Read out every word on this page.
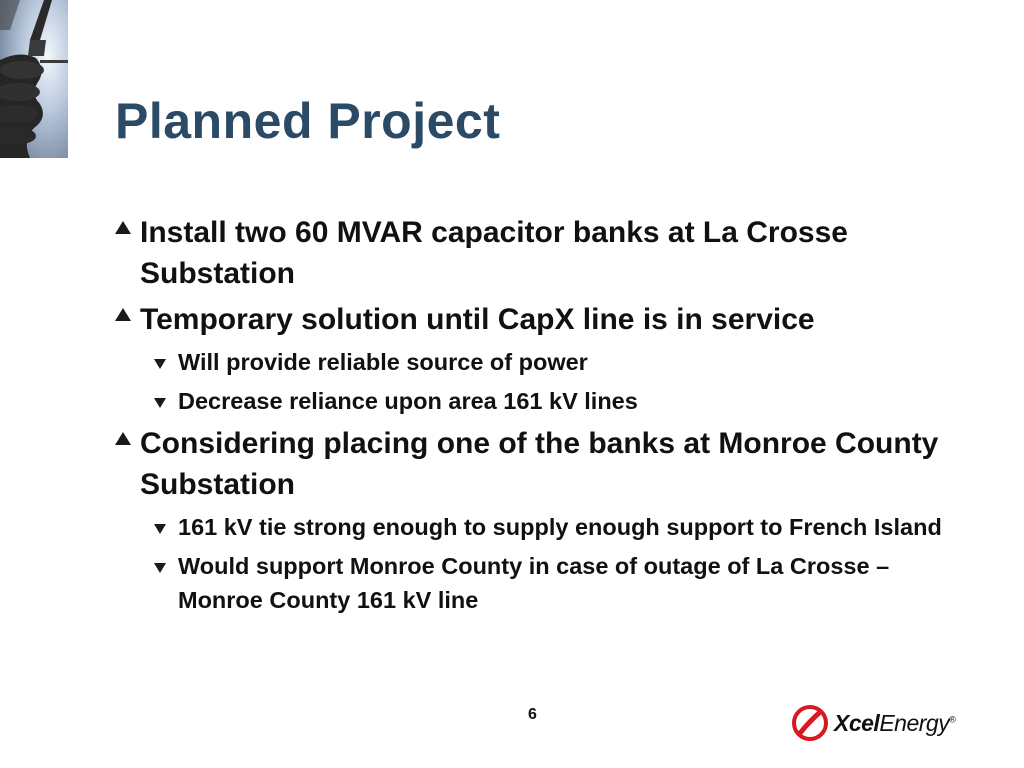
Planned Project
Install two 60 MVAR capacitor banks at La Crosse Substation
Temporary solution until CapX line is in service
Will provide reliable source of power
Decrease reliance upon area 161 kV lines
Considering placing one of the banks at Monroe County Substation
161 kV tie strong enough to supply enough support to French Island
Would support Monroe County in case of outage of La Crosse – Monroe County 161 kV line
6	XcelEnergy®
